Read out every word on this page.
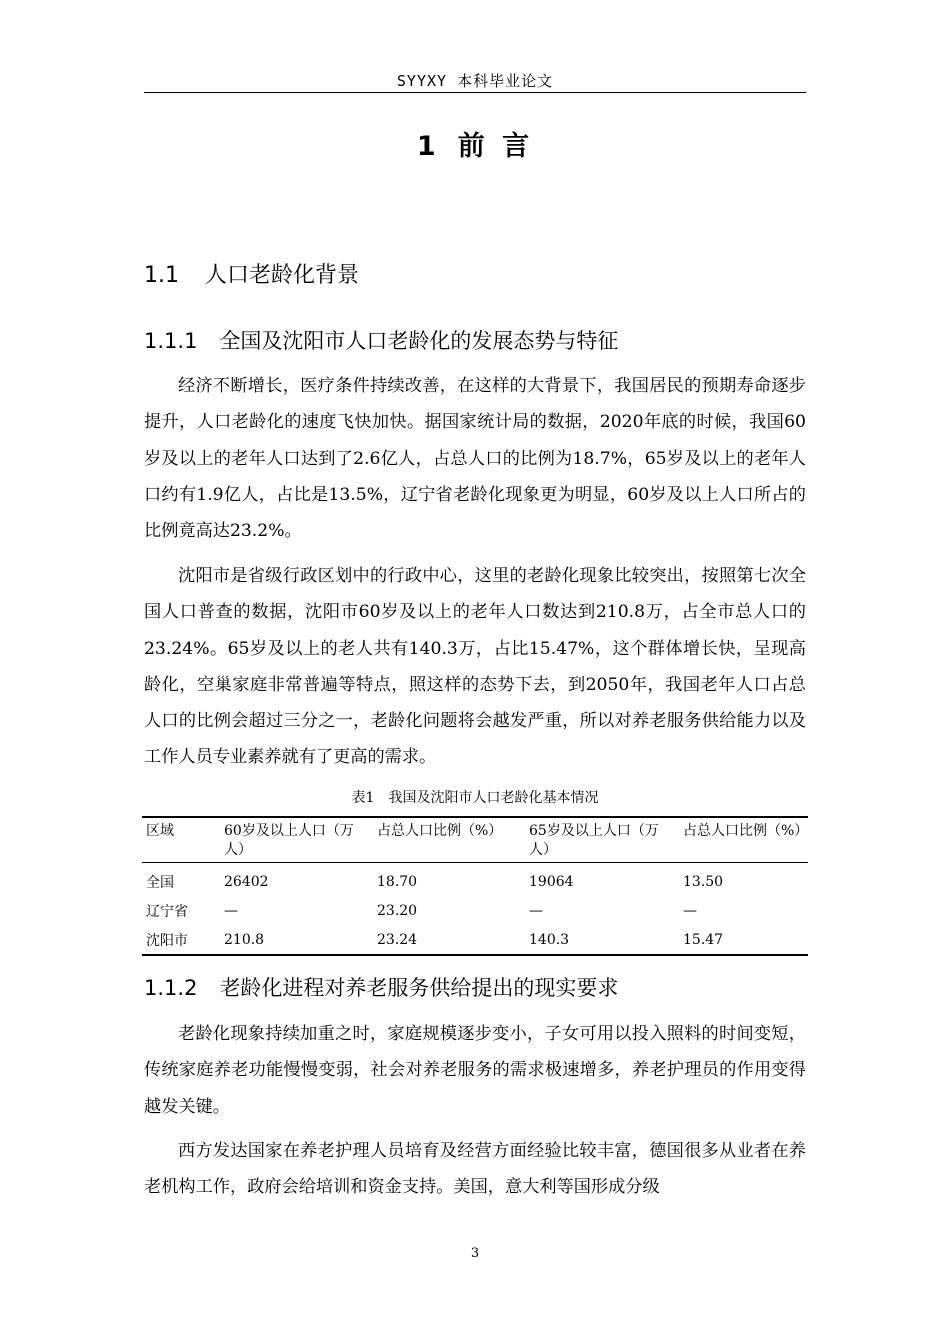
SYYXY 本科毕业论文
1 前 言
1.1 人口老龄化背景
1.1.1 全国及沈阳市人口老龄化的发展态势与特征

经济不断增长，医疗条件持续改善，在这样的大背景下，我国居民的预期寿命逐步提升，人口老龄化的速度飞快加快。据国家统计局的数据，2020年底的时候，我国60岁及以上的老年人口达到了2.6亿人，占总人口的比例为18.7%，65岁及以上的老年人口约有1.9亿人，占比是13.5%，辽宁省老龄化现象更为明显，60岁及以上人口所占的比例竟高达23.2%。

沈阳市是省级行政区划中的行政中心，这里的老龄化现象比较突出，按照第七次全国人口普查的数据，沈阳市60岁及以上的老年人口数达到210.8万，占全市总人口的23.24%。65岁及以上的老人共有140.3万，占比15.47%，这个群体增长快，呈现高龄化，空巢家庭非常普遍等特点，照这样的态势下去，到2050年，我国老年人口占总人口的比例会超过三分之一，老龄化问题将会越发严重，所以对养老服务供给能力以及工作人员专业素养就有了更高的需求。

表1　我国及沈阳市人口老龄化基本情况
区域	60岁及以上人口（万人）	占总人口比例（%）	65岁及以上人口（万人）	占总人口比例（%）
全国	26402	18.70	19064	13.50
辽宁省	—	23.20	—	—
沈阳市	210.8	23.24	140.3	15.47
1.1.2 老龄化进程对养老服务供给提出的现实要求

老龄化现象持续加重之时，家庭规模逐步变小，子女可用以投入照料的时间变短，传统家庭养老功能慢慢变弱，社会对养老服务的需求极速增多，养老护理员的作用变得越发关键。

西方发达国家在养老护理人员培育及经营方面经验比较丰富，德国很多从业者在养老机构工作，政府会给培训和资金支持。美国，意大利等国形成分级

3
